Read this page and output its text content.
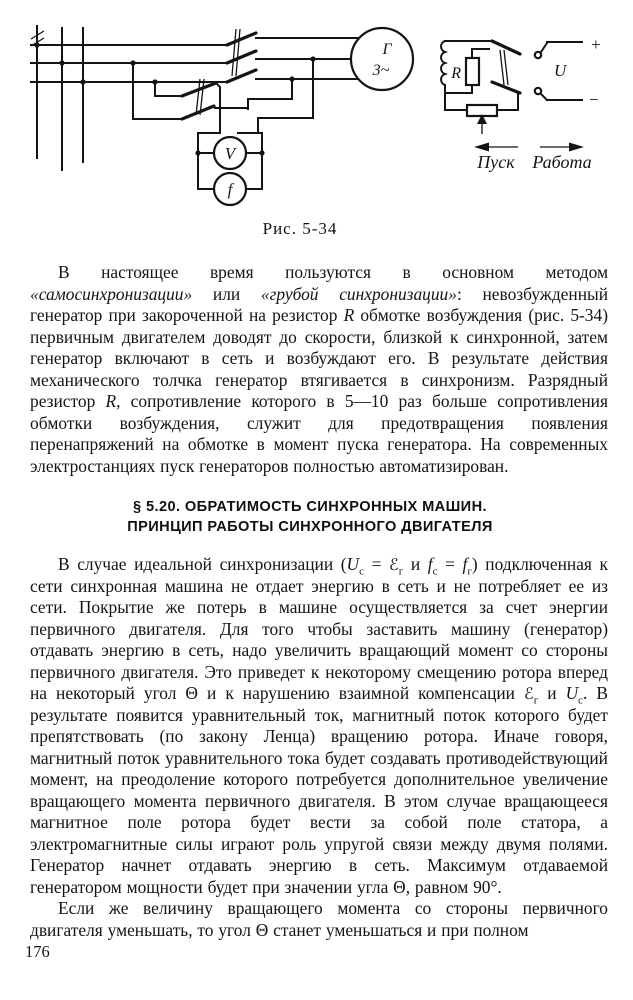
Г
3~
V
f
R
+
−
U
Пуск Работа
Рис. 5-34

В настоящее время пользуются в основном методом «самосинхронизации» или «грубой синхронизации»: невозбужденный генератор при закороченной на резистор R обмотке возбуждения (рис. 5-34) первичным двигателем доводят до скорости, близкой к синхронной, затем генератор включают в сеть и возбуждают его. В результате действия механического толчка генератор втягивается в синхронизм. Разрядный резистор R, сопротивление которого в 5—10 раз больше сопротивления обмотки возбуждения, служит для предотвращения появления перенапряжений на обмотке в момент пуска генератора. На современных электростанциях пуск генераторов полностью автоматизирован.

§ 5.20. ОБРАТИМОСТЬ СИНХРОННЫХ МАШИН.
ПРИНЦИП РАБОТЫ СИНХРОННОГО ДВИГАТЕЛЯ

В случае идеальной синхронизации ($U_с$ = ℰ$_г$ и $f_с = f_г$) подключенная к сети синхронная машина не отдает энергию в сеть и не потребляет ее из сети. Покрытие же потерь в машине осуществляется за счет энергии первичного двигателя. Для того чтобы заставить машину (генератор) отдавать энергию в сеть, надо увеличить вращающий момент со стороны первичного двигателя. Это приведет к некоторому смещению ротора вперед на некоторый угол Θ и к нарушению взаимной компенсации ℰ$_г$ и $U_с$. В результате появится уравнительный ток, магнитный поток которого будет препятствовать (по закону Ленца) вращению ротора. Иначе говоря, магнитный поток уравнительного тока будет создавать противодействующий момент, на преодоление которого потребуется дополнительное увеличение вращающего момента первичного двигателя. В этом случае вращающееся магнитное поле ротора будет вести за собой поле статора, а электромагнитные силы играют роль упругой связи между двумя полями. Генератор начнет отдавать энергию в сеть. Максимум отдаваемой генератором мощности будет при значении угла Θ, равном 90°.

Если же величину вращающего момента со стороны первичного двигателя уменьшать, то угол Θ станет уменьшаться и при полном

176
